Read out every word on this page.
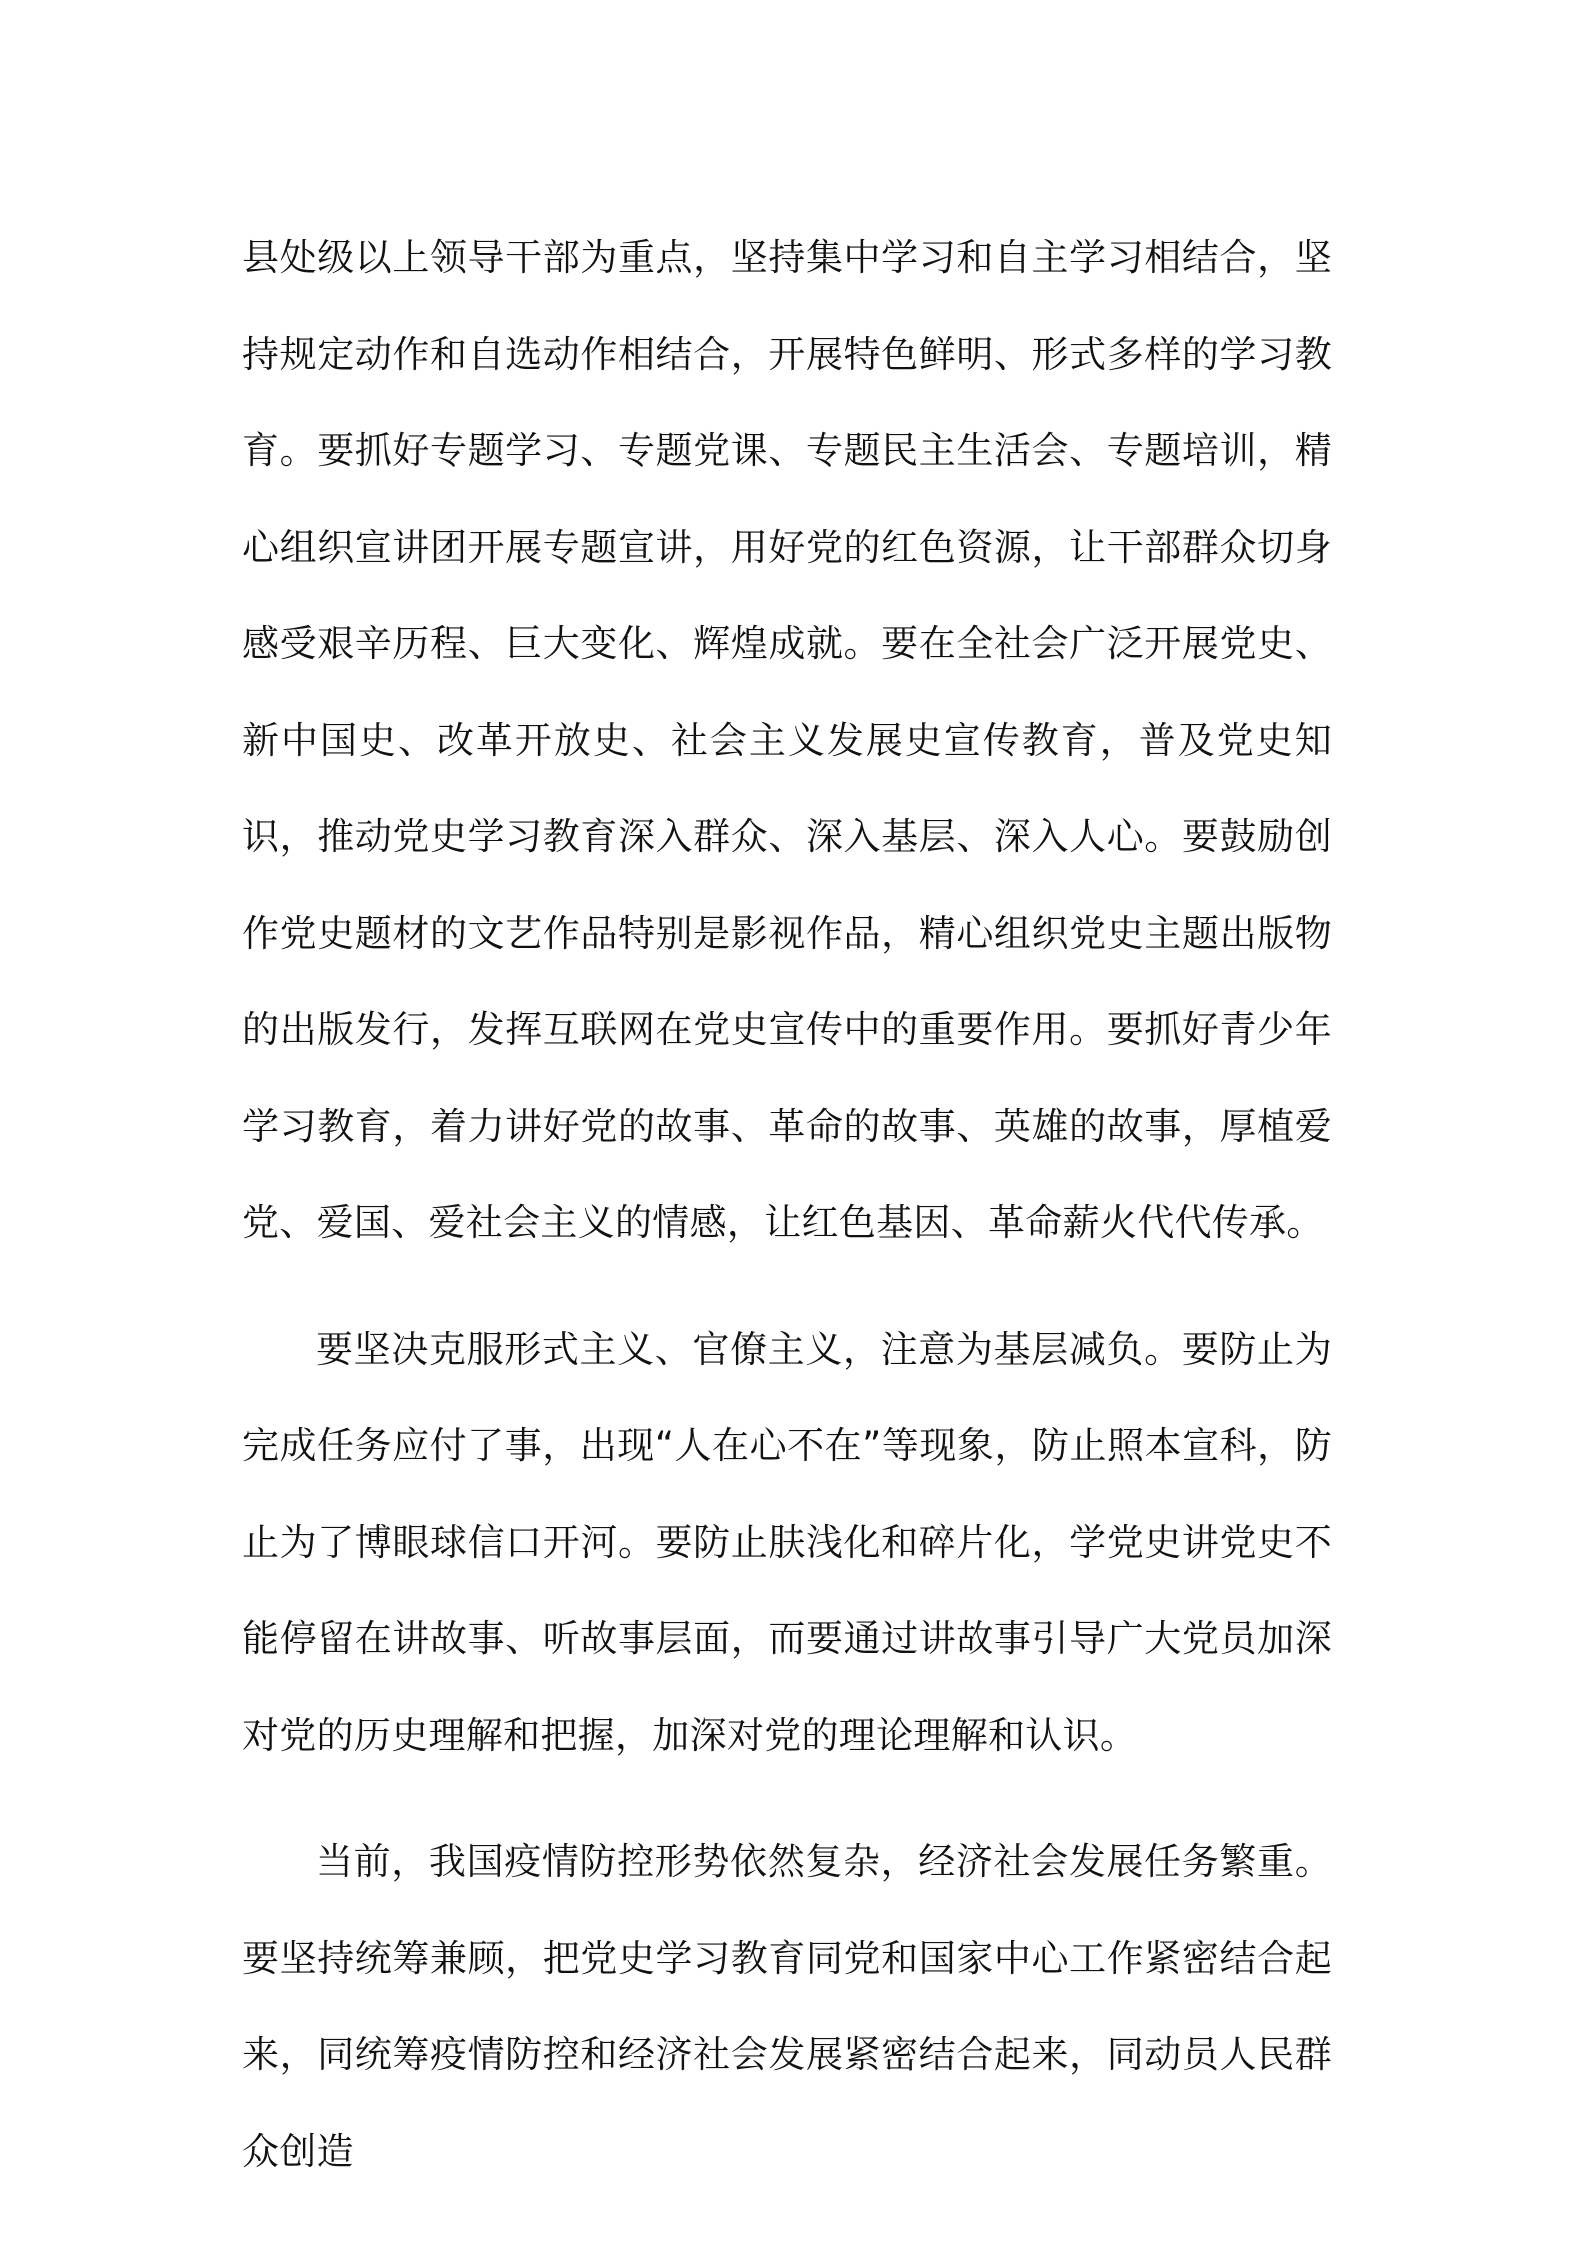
县处级以上领导干部为重点，坚持集中学习和自主学习相结合，坚持规定动作和自选动作相结合，开展特色鲜明、形式多样的学习教育。要抓好专题学习、专题党课、专题民主生活会、专题培训，精心组织宣讲团开展专题宣讲，用好党的红色资源，让干部群众切身感受艰辛历程、巨大变化、辉煌成就。要在全社会广泛开展党史、新中国史、改革开放史、社会主义发展史宣传教育，普及党史知识，推动党史学习教育深入群众、深入基层、深入人心。要鼓励创作党史题材的文艺作品特别是影视作品，精心组织党史主题出版物的出版发行，发挥互联网在党史宣传中的重要作用。要抓好青少年学习教育，着力讲好党的故事、革命的故事、英雄的故事，厚植爱党、爱国、爱社会主义的情感，让红色基因、革命薪火代代传承。

要坚决克服形式主义、官僚主义，注意为基层减负。要防止为完成任务应付了事，出现“人在心不在”等现象，防止照本宣科，防止为了博眼球信口开河。要防止肤浅化和碎片化，学党史讲党史不能停留在讲故事、听故事层面，而要通过讲故事引导广大党员加深对党的历史理解和把握，加深对党的理论理解和认识。

当前，我国疫情防控形势依然复杂，经济社会发展任务繁重。要坚持统筹兼顾，把党史学习教育同党和国家中心工作紧密结合起来，同统筹疫情防控和经济社会发展紧密结合起来，同动员人民群众创造
